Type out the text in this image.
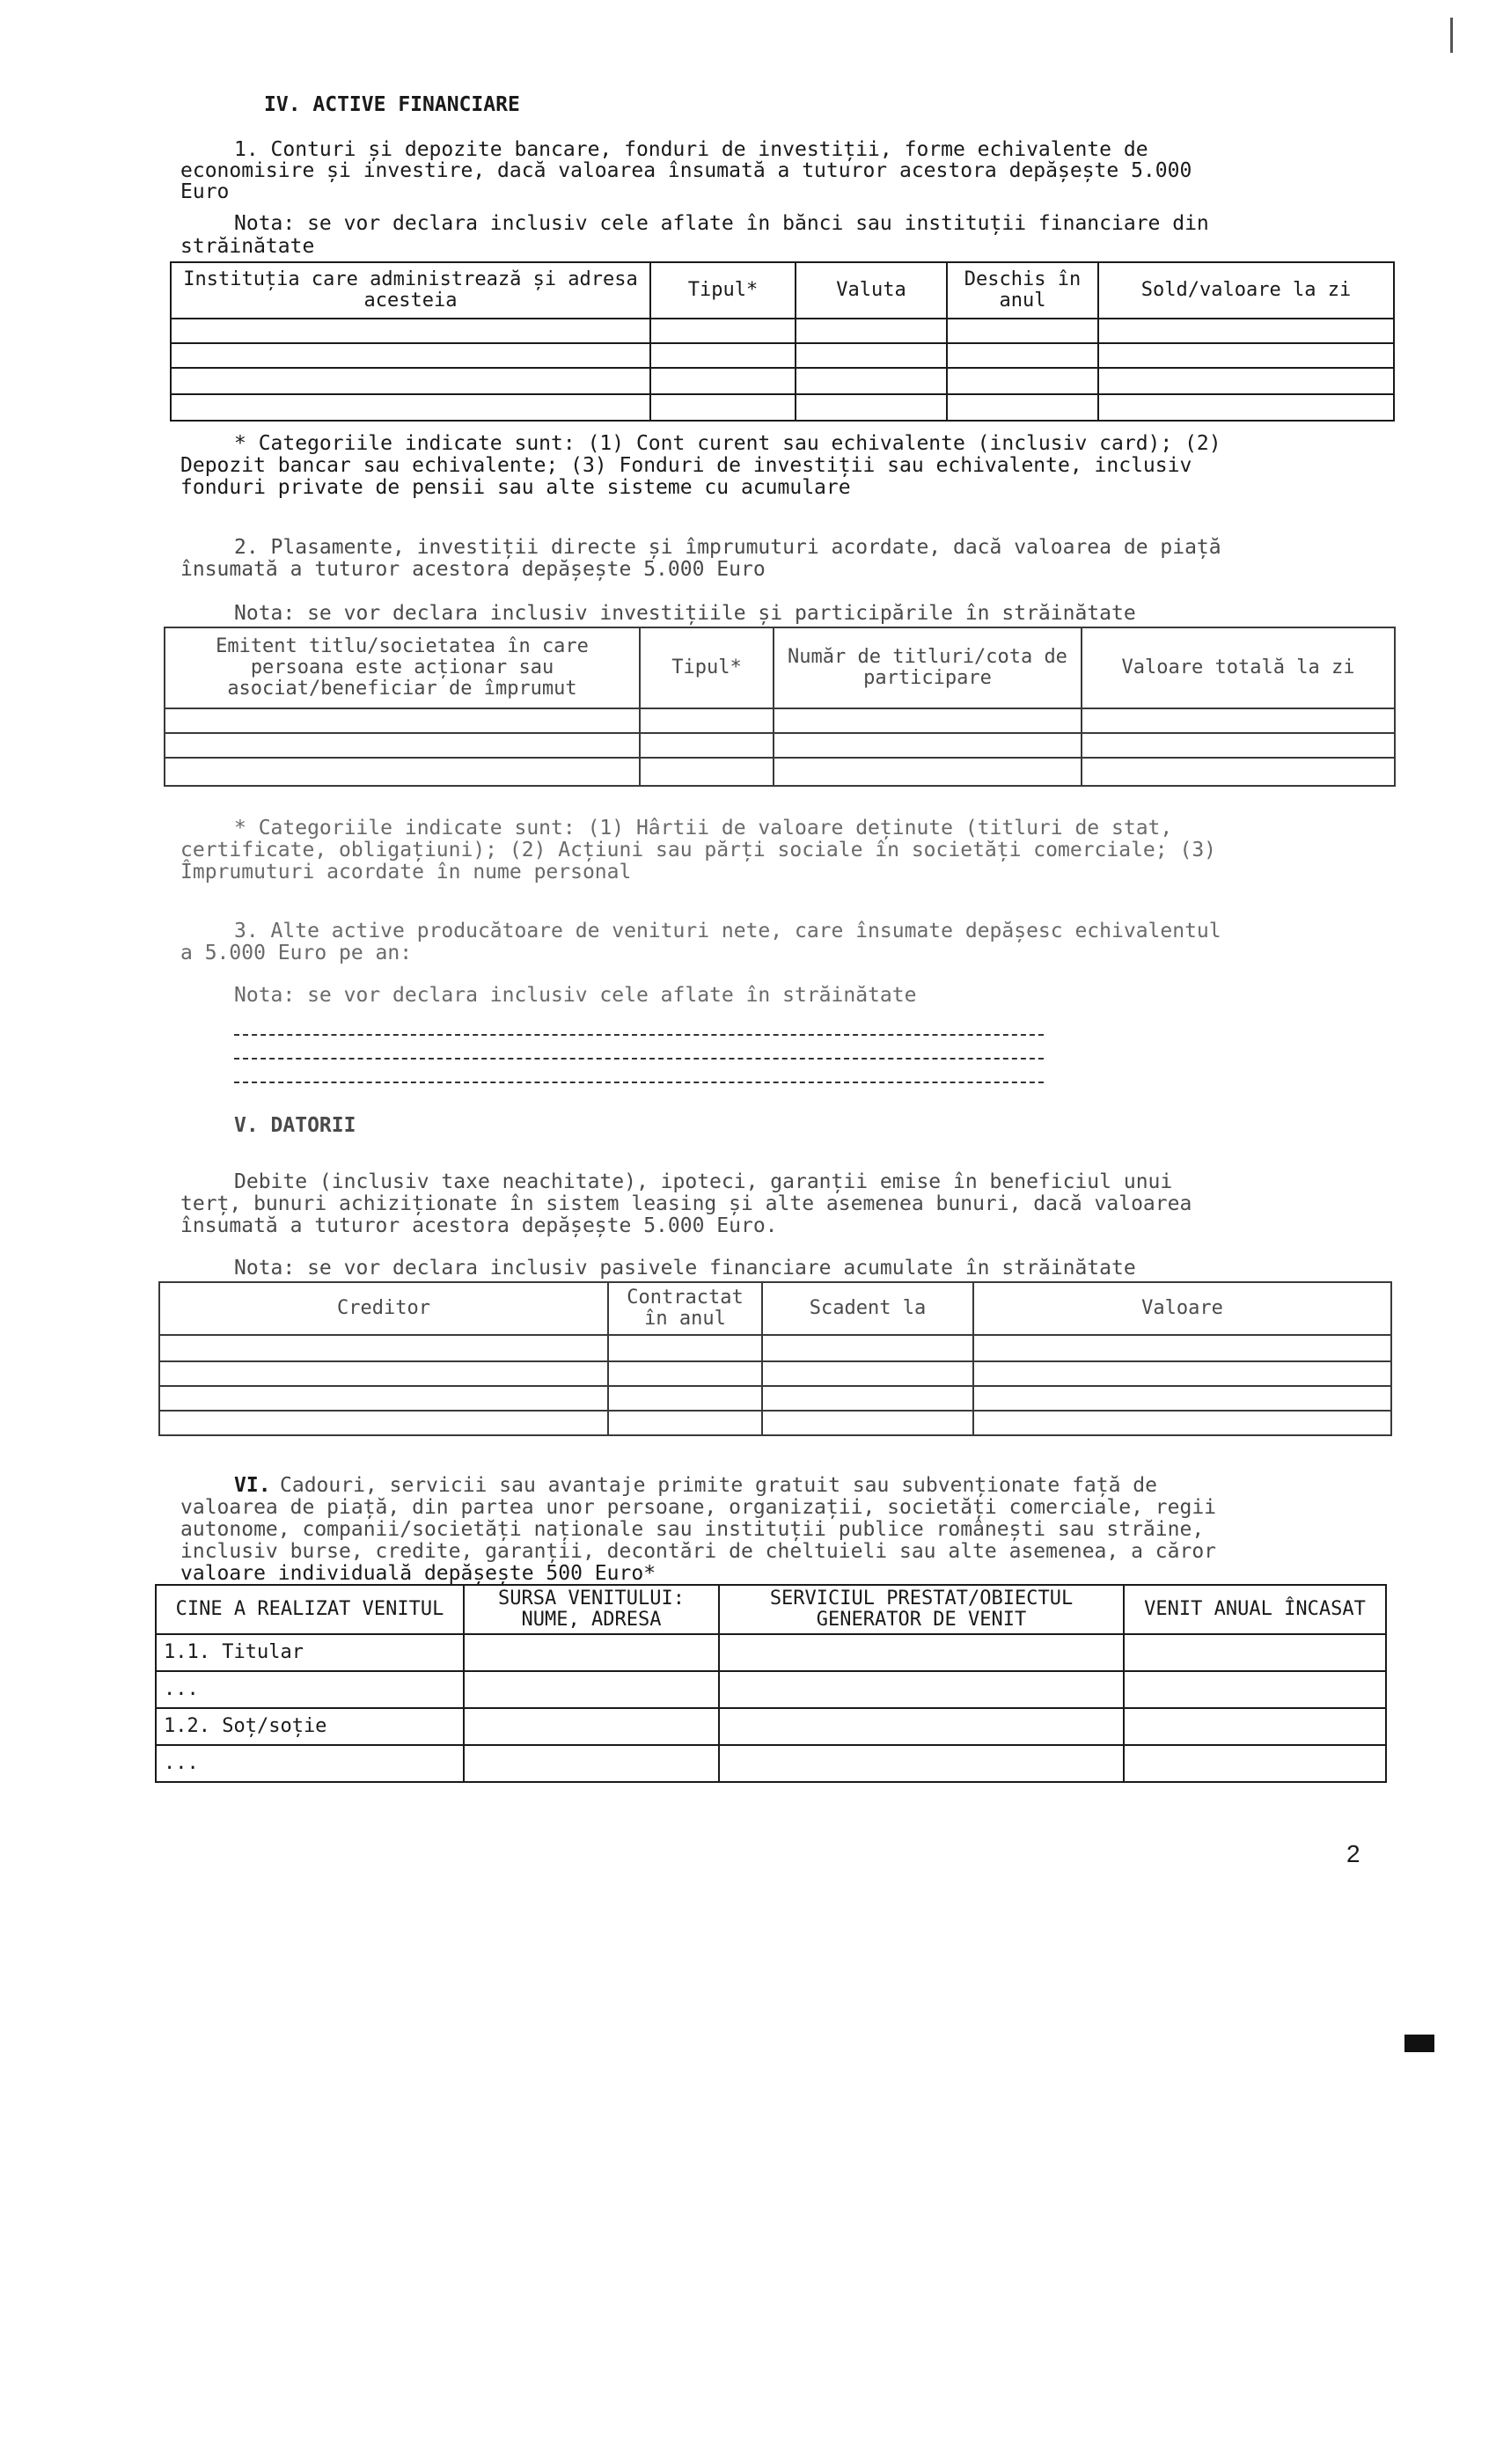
IV. ACTIVE FINANCIARE
1. Conturi și depozite bancare, fonduri de investiții, forme echivalente de
economisire și investire, dacă valoarea însumată a tuturor acestora depășește 5.000
Euro
Nota: se vor declara inclusiv cele aflate în bănci sau instituții financiare din
străinătate
Instituția care administrează și adresa acesteia	Tipul*	Valuta	Deschis în anul	Sold/valoare la zi

* Categoriile indicate sunt: (1) Cont curent sau echivalente (inclusiv card); (2)
Depozit bancar sau echivalente; (3) Fonduri de investiții sau echivalente, inclusiv
fonduri private de pensii sau alte sisteme cu acumulare
2. Plasamente, investiții directe și împrumuturi acordate, dacă valoarea de piață
însumată a tuturor acestora depășește 5.000 Euro
Nota: se vor declara inclusiv investițiile și participările în străinătate
Emitent titlu/societatea în care persoana este acționar sau asociat/beneficiar de împrumut	Tipul*	Număr de titluri/cota de participare	Valoare totală la zi

* Categoriile indicate sunt: (1) Hârtii de valoare deținute (titluri de stat,
certificate, obligațiuni); (2) Acțiuni sau părți sociale în societăți comerciale; (3)
Împrumuturi acordate în nume personal
3. Alte active producătoare de venituri nete, care însumate depășesc echivalentul
a 5.000 Euro pe an:
Nota: se vor declara inclusiv cele aflate în străinătate
V. DATORII
Debite (inclusiv taxe neachitate), ipoteci, garanții emise în beneficiul unui
terț, bunuri achiziționate în sistem leasing și alte asemenea bunuri, dacă valoarea
însumată a tuturor acestora depășește 5.000 Euro.
Nota: se vor declara inclusiv pasivele financiare acumulate în străinătate
Creditor	Contractat în anul	Scadent la	Valoare

VI. Cadouri, servicii sau avantaje primite gratuit sau subvenționate față de
valoarea de piață, din partea unor persoane, organizații, societăți comerciale, regii
autonome, companii/societăți naționale sau instituții publice românești sau străine,
inclusiv burse, credite, garanții, decontări de cheltuieli sau alte asemenea, a căror
valoare individuală depășește 500 Euro*
CINE A REALIZAT VENITUL	SURSA VENITULUI: NUME, ADRESA	SERVICIUL PRESTAT/OBIECTUL GENERATOR DE VENIT	VENIT ANUAL ÎNCASAT
1.1. Titular			
...			
1.2. Soț/soție			
...			
2
